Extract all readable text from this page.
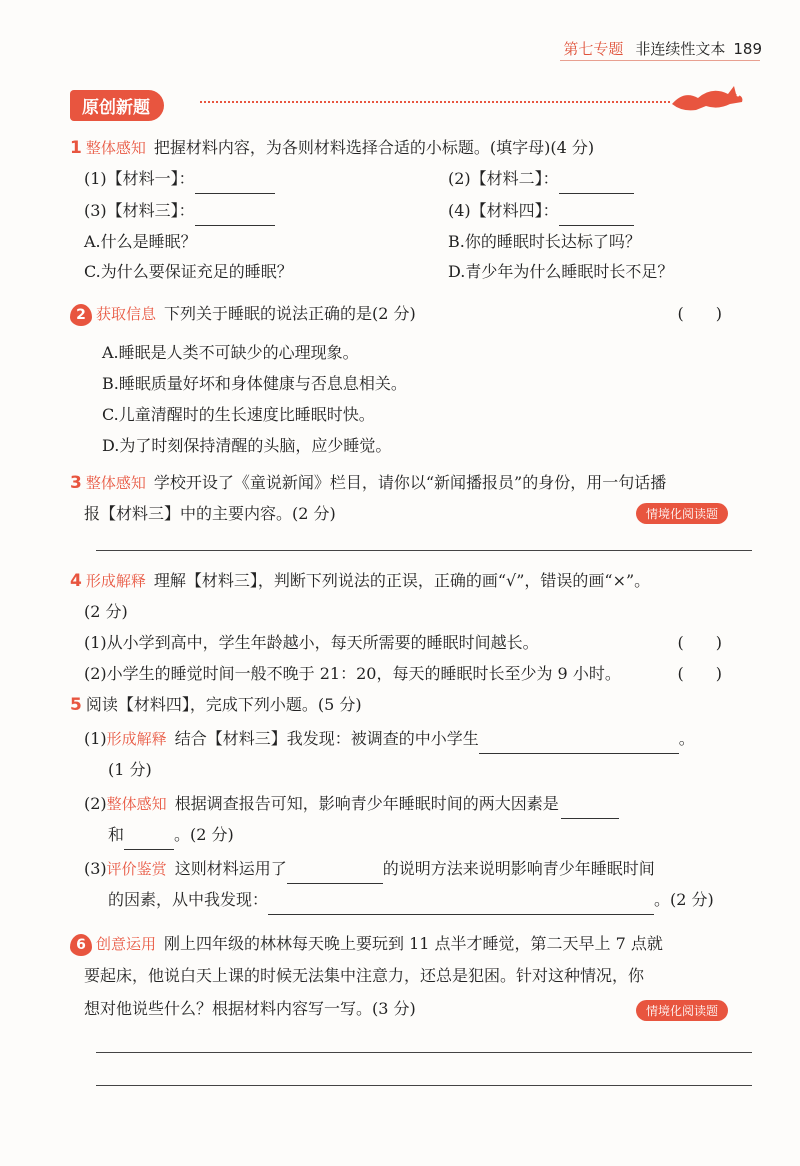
第七专题 非连续性文本 189
原创新题
1 整体感知 把握材料内容，为各则材料选择合适的小标题。(填字母)(4 分)
(1)【材料一】：	(2)【材料二】：
(3)【材料三】：	(4)【材料四】：
A.什么是睡眠？	B.你的睡眠时长达标了吗？
C.为什么要保证充足的睡眠？	D.青少年为什么睡眠时长不足？
2 获取信息 下列关于睡眠的说法正确的是(2 分)	(　　)
A.睡眠是人类不可缺少的心理现象。
B.睡眠质量好坏和身体健康与否息息相关。
C.儿童清醒时的生长速度比睡眠时快。
D.为了时刻保持清醒的头脑，应少睡觉。
3 整体感知 学校开设了《童说新闻》栏目，请你以“新闻播报员”的身份，用一句话播
报【材料三】中的主要内容。(2 分)	情境化阅读题
4 形成解释 理解【材料三】，判断下列说法的正误，正确的画“√”，错误的画“×”。
(2 分)
(1)从小学到高中，学生年龄越小，每天所需要的睡眠时间越长。	(　　)
(2)小学生的睡觉时间一般不晚于 21：20，每天的睡眠时长至少为 9 小时。	(　　)
5 阅读【材料四】，完成下列小题。(5 分)
(1)形成解释 结合【材料三】我发现：被调查的中小学生	。
(1 分)
(2)整体感知 根据调查报告可知，影响青少年睡眠时间的两大因素是
和	。(2 分)
(3)评价鉴赏 这则材料运用了	的说明方法来说明影响青少年睡眠时间
的因素，从中我发现：	。(2 分)
6 创意运用 刚上四年级的林林每天晚上要玩到 11 点半才睡觉，第二天早上 7 点就
要起床，他说白天上课的时候无法集中注意力，还总是犯困。针对这种情况，你
想对他说些什么？根据材料内容写一写。(3 分)	情境化阅读题
